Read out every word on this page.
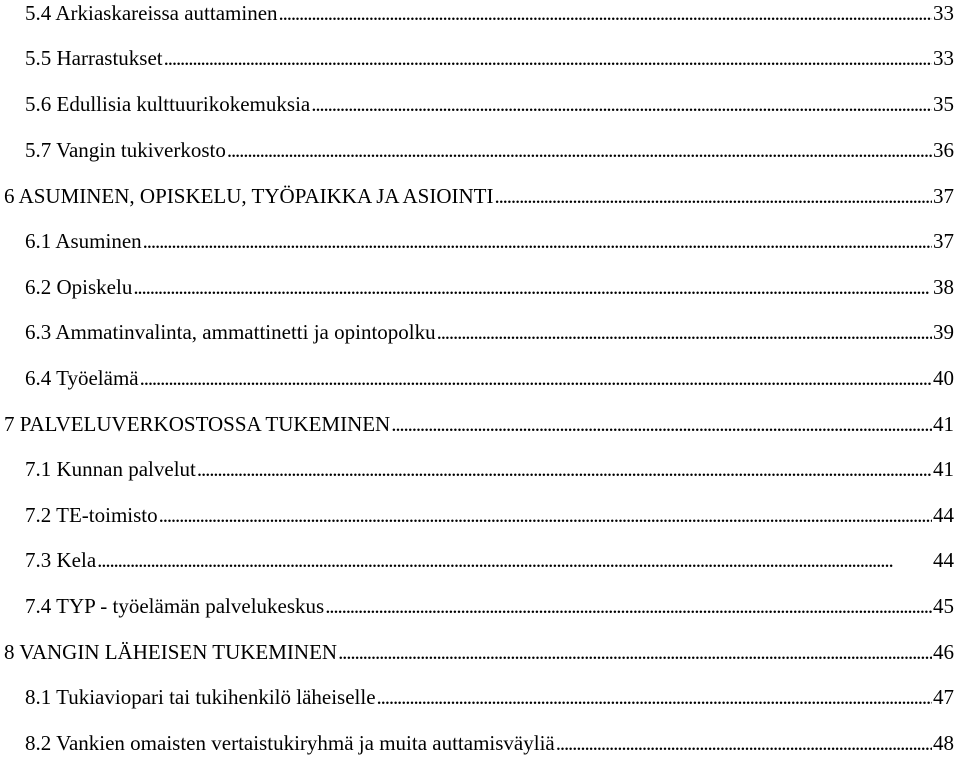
5.4 Arkiaskareissa auttaminen . . .	33
5.5 Harrastukset . . .	33
5.6 Edullisia kulttuurikokemuksia . . .	35
5.7 Vangin tukiverkosto . . .	36
6 ASUMINEN, OPISKELU, TYÖPAIKKA JA ASIOINTI . . .	37
6.1 Asuminen . . .	37
6.2 Opiskelu . . .	38
6.3 Ammatinvalinta, ammattinetti ja opintopolku . . .	39
6.4 Työelämä . . .	40
7 PALVELUVERKOSTOSSA TUKEMINEN . . .	41
7.1 Kunnan palvelut . . .	41
7.2 TE-toimisto . . .	44
7.3 Kela . . .	44
7.4 TYP - työelämän palvelukeskus . . .	45
8 VANGIN LÄHEISEN TUKEMINEN . . .	46
8.1 Tukiaviopari tai tukihenkilö läheiselle . . .	47
8.2 Vankien omaisten vertaistukiryhmä ja muita auttamisväyliä . . .	48
